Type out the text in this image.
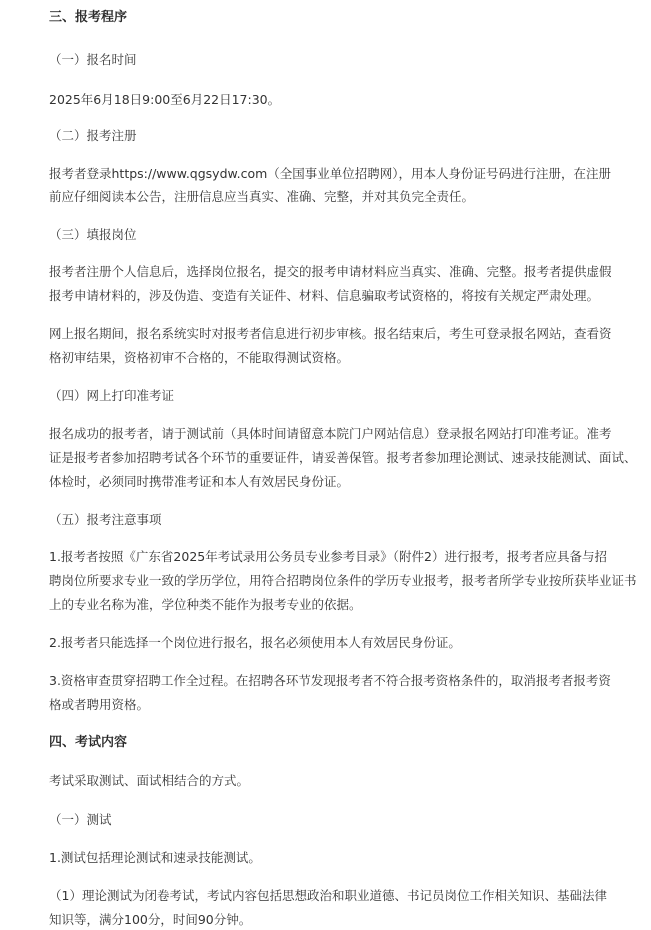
三、报考程序
（一）报名时间
2025年6月18日9:00至6月22日17:30。
（二）报考注册
报考者登录https://www.qgsydw.com（全国事业单位招聘网），用本人身份证号码进行注册，在注册
前应仔细阅读本公告，注册信息应当真实、准确、完整，并对其负完全责任。
（三）填报岗位
报考者注册个人信息后，选择岗位报名，提交的报考申请材料应当真实、准确、完整。报考者提供虚假
报考申请材料的，涉及伪造、变造有关证件、材料、信息骗取考试资格的，将按有关规定严肃处理。
网上报名期间，报名系统实时对报考者信息进行初步审核。报名结束后，考生可登录报名网站，查看资
格初审结果，资格初审不合格的，不能取得测试资格。
（四）网上打印准考证
报名成功的报考者，请于测试前（具体时间请留意本院门户网站信息）登录报名网站打印准考证。准考
证是报考者参加招聘考试各个环节的重要证件，请妥善保管。报考者参加理论测试、速录技能测试、面试、
体检时，必须同时携带准考证和本人有效居民身份证。
（五）报考注意事项
1.报考者按照《广东省2025年考试录用公务员专业参考目录》（附件2）进行报考，报考者应具备与招
聘岗位所要求专业一致的学历学位，用符合招聘岗位条件的学历专业报考，报考者所学专业按所获毕业证书
上的专业名称为准，学位种类不能作为报考专业的依据。
2.报考者只能选择一个岗位进行报名，报名必须使用本人有效居民身份证。
3.资格审查贯穿招聘工作全过程。在招聘各环节发现报考者不符合报考资格条件的，取消报考者报考资
格或者聘用资格。
四、考试内容
考试采取测试、面试相结合的方式。
（一）测试
1.测试包括理论测试和速录技能测试。
（1）理论测试为闭卷考试，考试内容包括思想政治和职业道德、书记员岗位工作相关知识、基础法律
知识等，满分100分，时间90分钟。
